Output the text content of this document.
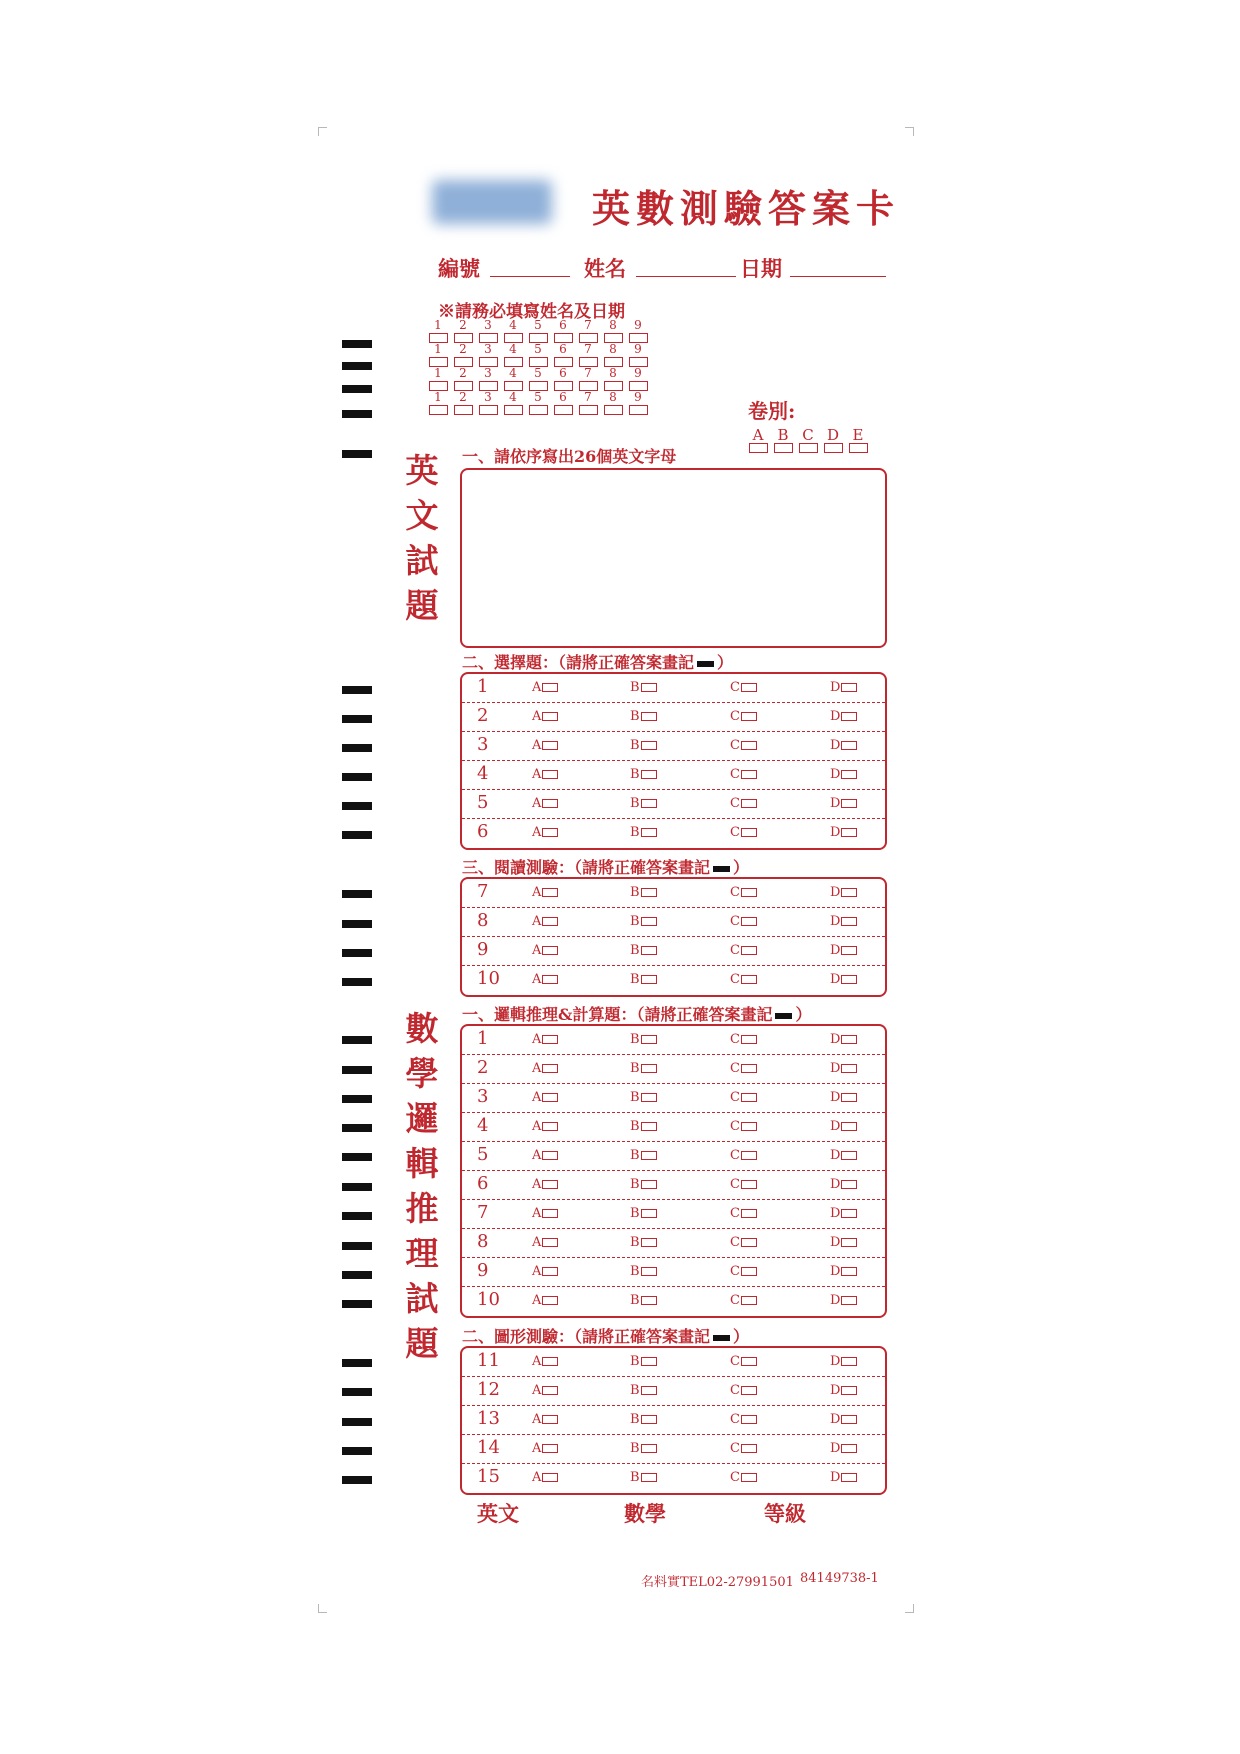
英數測驗答案卡
編號	姓名	日期
※請務必填寫姓名及日期
1	2	3	4	5	6	7	8	9
1	2	3	4	5	6	7	8	9
1	2	3	4	5	6	7	8	9
1	2	3	4	5	6	7	8	9
卷別:
A B C D E
英
文
試
題
一、請依序寫出26個英文字母
二、選擇題：（請將正確答案畫記 ）
1	A	B	C	D
2	A	B	C	D
3	A	B	C	D
4	A	B	C	D
5	A	B	C	D
6	A	B	C	D
三、閱讀測驗：（請將正確答案畫記 ）
7	A	B	C	D
8	A	B	C	D
9	A	B	C	D
10	A	B	C	D
數
學
邏
輯
推
理
試
題
一、邏輯推理&計算題：（請將正確答案畫記 ）
1	A	B	C	D
2	A	B	C	D
3	A	B	C	D
4	A	B	C	D
5	A	B	C	D
6	A	B	C	D
7	A	B	C	D
8	A	B	C	D
9	A	B	C	D
10	A	B	C	D
二、圖形測驗：（請將正確答案畫記 ）
11	A	B	C	D
12	A	B	C	D
13	A	B	C	D
14	A	B	C	D
15	A	B	C	D
英文	數學	等級
名料實TEL02-27991501 84149738-1
